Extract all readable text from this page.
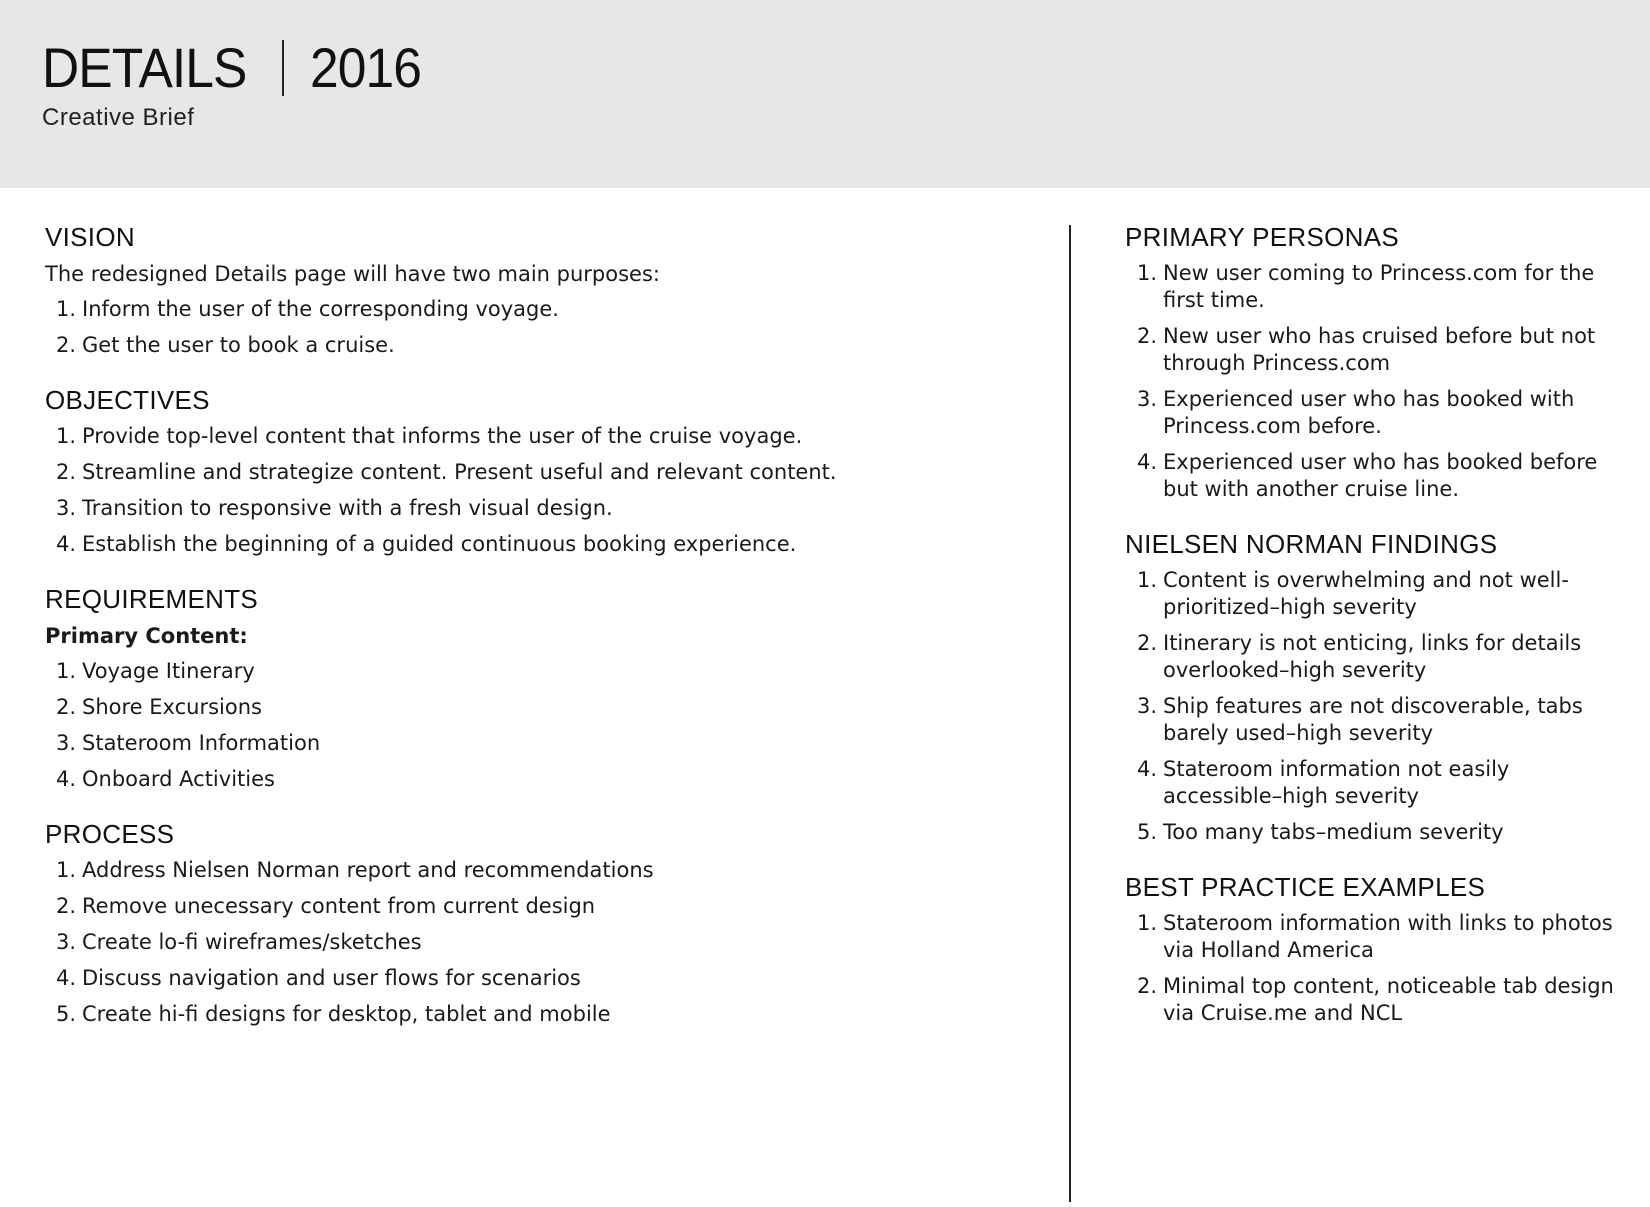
DETAILS 2016
Creative Brief
VISION

The redesigned Details page will have two main purposes:

1. Inform the user of the corresponding voyage.
2. Get the user to book a cruise.
OBJECTIVES
1. Provide top-level content that informs the user of the cruise voyage.
2. Streamline and strategize content. Present useful and relevant content.
3. Transition to responsive with a fresh visual design.
4. Establish the beginning of a guided continuous booking experience.
REQUIREMENTS

Primary Content:

1. Voyage Itinerary
2. Shore Excursions
3. Stateroom Information
4. Onboard Activities
PROCESS
1. Address Nielsen Norman report and recommendations
2. Remove unecessary content from current design
3. Create lo-fi wireframes/sketches
4. Discuss navigation and user flows for scenarios
5. Create hi-fi designs for desktop, tablet and mobile
PRIMARY PERSONAS
1. New user coming to Princess.com for the first time.
2. New user who has cruised before but not through Princess.com
3. Experienced user who has booked with Princess.com before.
4. Experienced user who has booked before but with another cruise line.
NIELSEN NORMAN FINDINGS
1. Content is overwhelming and not well-prioritized–high severity
2. Itinerary is not enticing, links for details overlooked–high severity
3. Ship features are not discoverable, tabs barely used–high severity
4. Stateroom information not easily accessible–high severity
5. Too many tabs–medium severity
BEST PRACTICE EXAMPLES
1. Stateroom information with links to photos via Holland America
2. Minimal top content, noticeable tab design via Cruise.me and NCL
